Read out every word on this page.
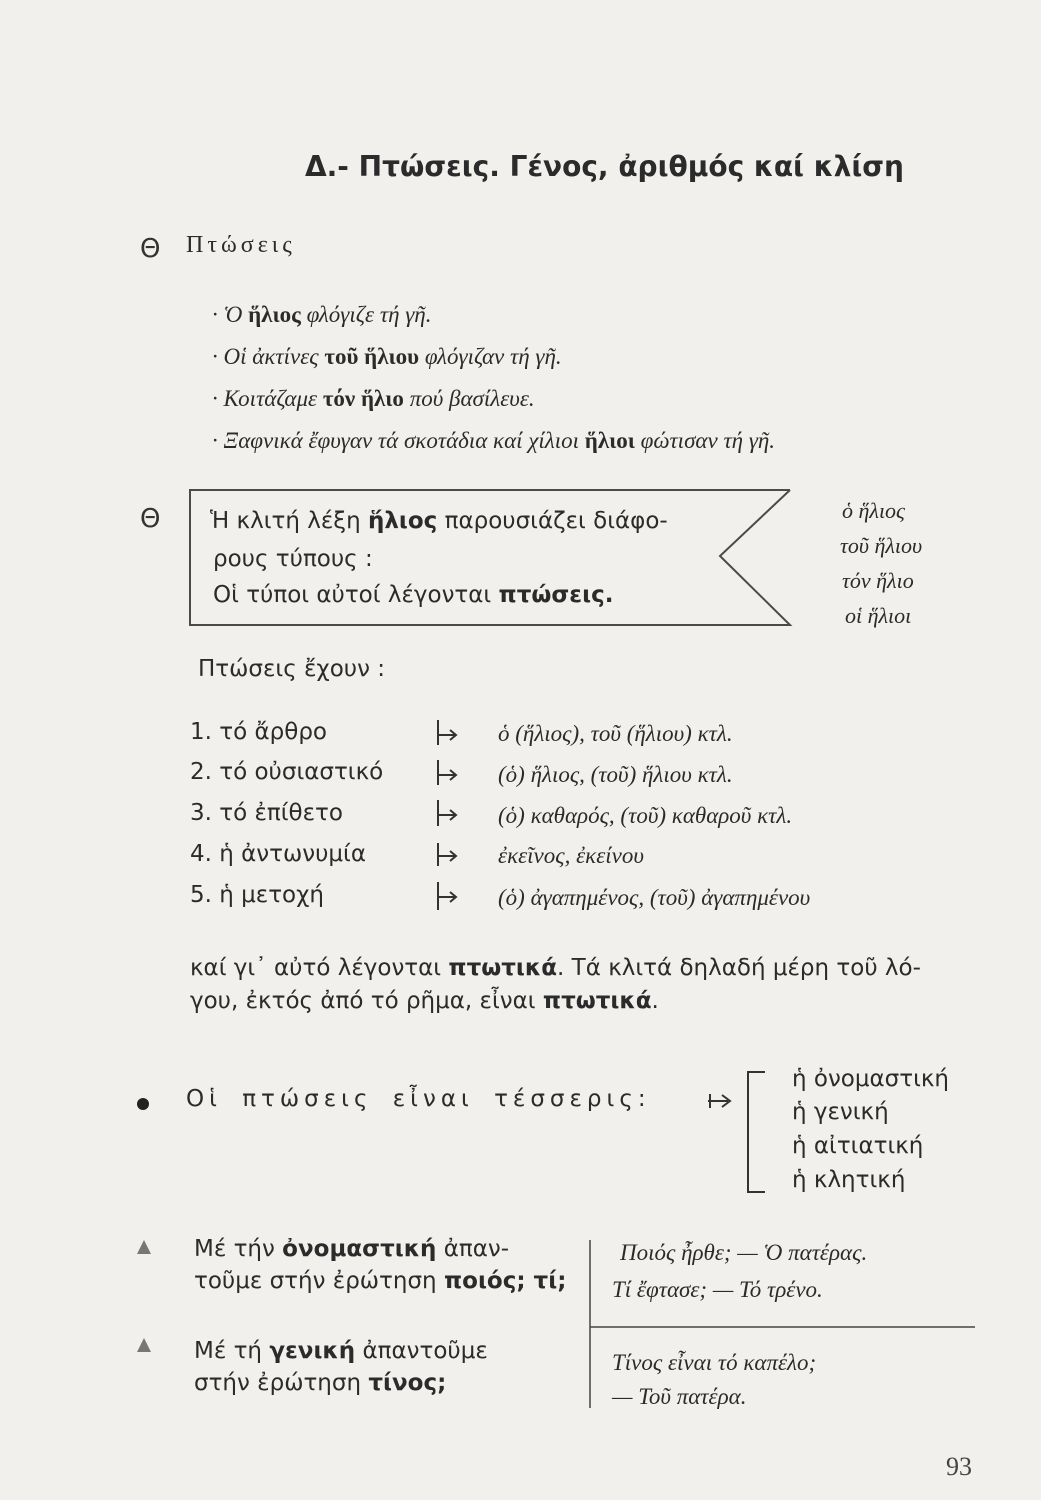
Δ.- Πτώσεις. Γένος, ἀριθμός καί κλίση
Θ Πτώσεις
· Ὁ ἥλιος φλόγιζε τή γῆ.
· Οἱ ἀκτίνες τοῦ ἥλιου φλόγιζαν τή γῆ.
· Κοιτάζαμε τόν ἥλιο πού βασίλευε.
· Ξαφνικά ἔφυγαν τά σκοτάδια καί χίλιοι ἥλιοι φώτισαν τή γῆ.
Θ Ἡ κλιτή λέξη ἥλιος παρουσιάζει διάφο-
ρους τύπους :
Οἱ τύποι αὐτοί λέγονται πτώσεις.
ὁ ἥλιος
τοῦ ἥλιου
τόν ἥλιο
οἱ ἥλιοι
Πτώσεις ἔχουν :
1. τό ἄρθρο	ὁ (ἥλιος), τοῦ (ἥλιου) κτλ.
2. τό οὐσιαστικό	(ὁ) ἥλιος, (τοῦ) ἥλιου κτλ.
3. τό ἐπίθετο	(ὁ) καθαρός, (τοῦ) καθαροῦ κτλ.
4. ἡ ἀντωνυμία	ἐκεῖνος, ἐκείνου
5. ἡ μετοχή	(ὁ) ἀγαπημένος, (τοῦ) ἀγαπημένου
καί γι᾽ αὐτό λέγονται πτωτικά. Τά κλιτά δηλαδή μέρη τοῦ λό-
γου, ἐκτός ἀπό τό ρῆμα, εἶναι πτωτικά.
Οἱ πτώσεις εἶναι τέσσερις:
ἡ ὀνομαστική
ἡ γενική
ἡ αἰτιατική
ἡ κλητική
Μέ τήν ὀνομαστική ἀπαν-
τοῦμε στήν ἐρώτηση ποιός; τί;
Ποιός ἦρθε; — Ὁ πατέρας.
Τί ἔφτασε; — Τό τρένο.
Μέ τή γενική ἀπαντοῦμε
στήν ἐρώτηση τίνος;
Τίνος εἶναι τό καπέλο;
— Τοῦ πατέρα.
93
